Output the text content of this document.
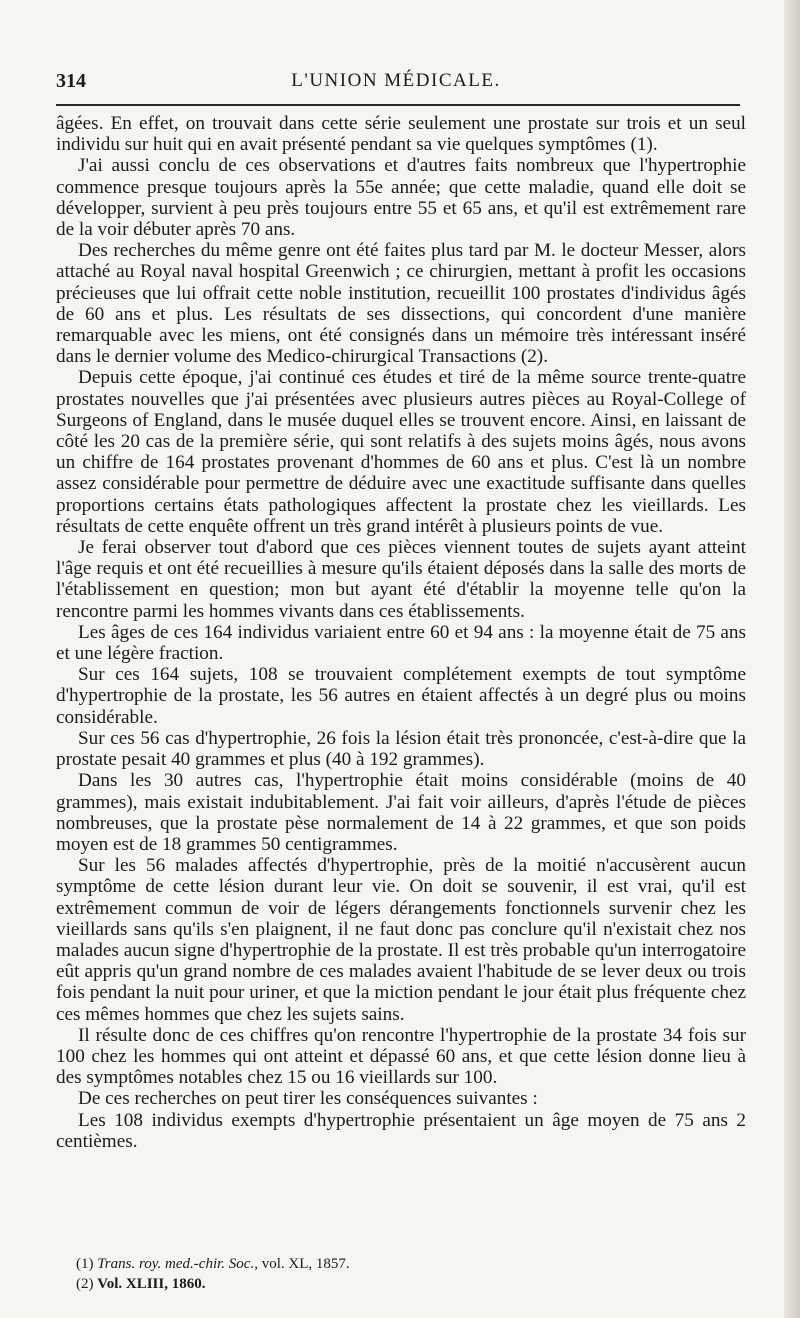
314	L'UNION MÉDICALE.

âgées. En effet, on trouvait dans cette série seulement une prostate sur trois et un seul individu sur huit qui en avait présenté pendant sa vie quelques symptômes (1).

J'ai aussi conclu de ces observations et d'autres faits nombreux que l'hypertrophie commence presque toujours après la 55e année; que cette maladie, quand elle doit se développer, survient à peu près toujours entre 55 et 65 ans, et qu'il est extrêmement rare de la voir débuter après 70 ans.

Des recherches du même genre ont été faites plus tard par M. le docteur Messer, alors attaché au Royal naval hospital Greenwich ; ce chirurgien, mettant à profit les occasions précieuses que lui offrait cette noble institution, recueillit 100 prostates d'individus âgés de 60 ans et plus. Les résultats de ses dissections, qui concordent d'une manière remarquable avec les miens, ont été consignés dans un mémoire très intéressant inséré dans le dernier volume des Medico-chirurgical Transactions (2).

Depuis cette époque, j'ai continué ces études et tiré de la même source trente-quatre prostates nouvelles que j'ai présentées avec plusieurs autres pièces au Royal-College of Surgeons of England, dans le musée duquel elles se trouvent encore. Ainsi, en laissant de côté les 20 cas de la première série, qui sont relatifs à des sujets moins âgés, nous avons un chiffre de 164 prostates provenant d'hommes de 60 ans et plus. C'est là un nombre assez considérable pour permettre de déduire avec une exactitude suffisante dans quelles proportions certains états pathologiques affectent la prostate chez les vieillards. Les résultats de cette enquête offrent un très grand intérêt à plusieurs points de vue.

Je ferai observer tout d'abord que ces pièces viennent toutes de sujets ayant atteint l'âge requis et ont été recueillies à mesure qu'ils étaient déposés dans la salle des morts de l'établissement en question; mon but ayant été d'établir la moyenne telle qu'on la rencontre parmi les hommes vivants dans ces établissements.

Les âges de ces 164 individus variaient entre 60 et 94 ans : la moyenne était de 75 ans et une légère fraction.

Sur ces 164 sujets, 108 se trouvaient complétement exempts de tout symptôme d'hypertrophie de la prostate, les 56 autres en étaient affectés à un degré plus ou moins considérable.

Sur ces 56 cas d'hypertrophie, 26 fois la lésion était très prononcée, c'est-à-dire que la prostate pesait 40 grammes et plus (40 à 192 grammes).

Dans les 30 autres cas, l'hypertrophie était moins considérable (moins de 40 grammes), mais existait indubitablement. J'ai fait voir ailleurs, d'après l'étude de pièces nombreuses, que la prostate pèse normalement de 14 à 22 grammes, et que son poids moyen est de 18 grammes 50 centigrammes.

Sur les 56 malades affectés d'hypertrophie, près de la moitié n'accusèrent aucun symptôme de cette lésion durant leur vie. On doit se souvenir, il est vrai, qu'il est extrêmement commun de voir de légers dérangements fonctionnels survenir chez les vieillards sans qu'ils s'en plaignent, il ne faut donc pas conclure qu'il n'existait chez nos malades aucun signe d'hypertrophie de la prostate. Il est très probable qu'un interrogatoire eût appris qu'un grand nombre de ces malades avaient l'habitude de se lever deux ou trois fois pendant la nuit pour uriner, et que la miction pendant le jour était plus fréquente chez ces mêmes hommes que chez les sujets sains.

Il résulte donc de ces chiffres qu'on rencontre l'hypertrophie de la prostate 34 fois sur 100 chez les hommes qui ont atteint et dépassé 60 ans, et que cette lésion donne lieu à des symptômes notables chez 15 ou 16 vieillards sur 100.

De ces recherches on peut tirer les conséquences suivantes :

Les 108 individus exempts d'hypertrophie présentaient un âge moyen de 75 ans 2 centièmes.

(1) Trans. roy. med.-chir. Soc., vol. XL, 1857.
(2) Vol. XLIII, 1860.
